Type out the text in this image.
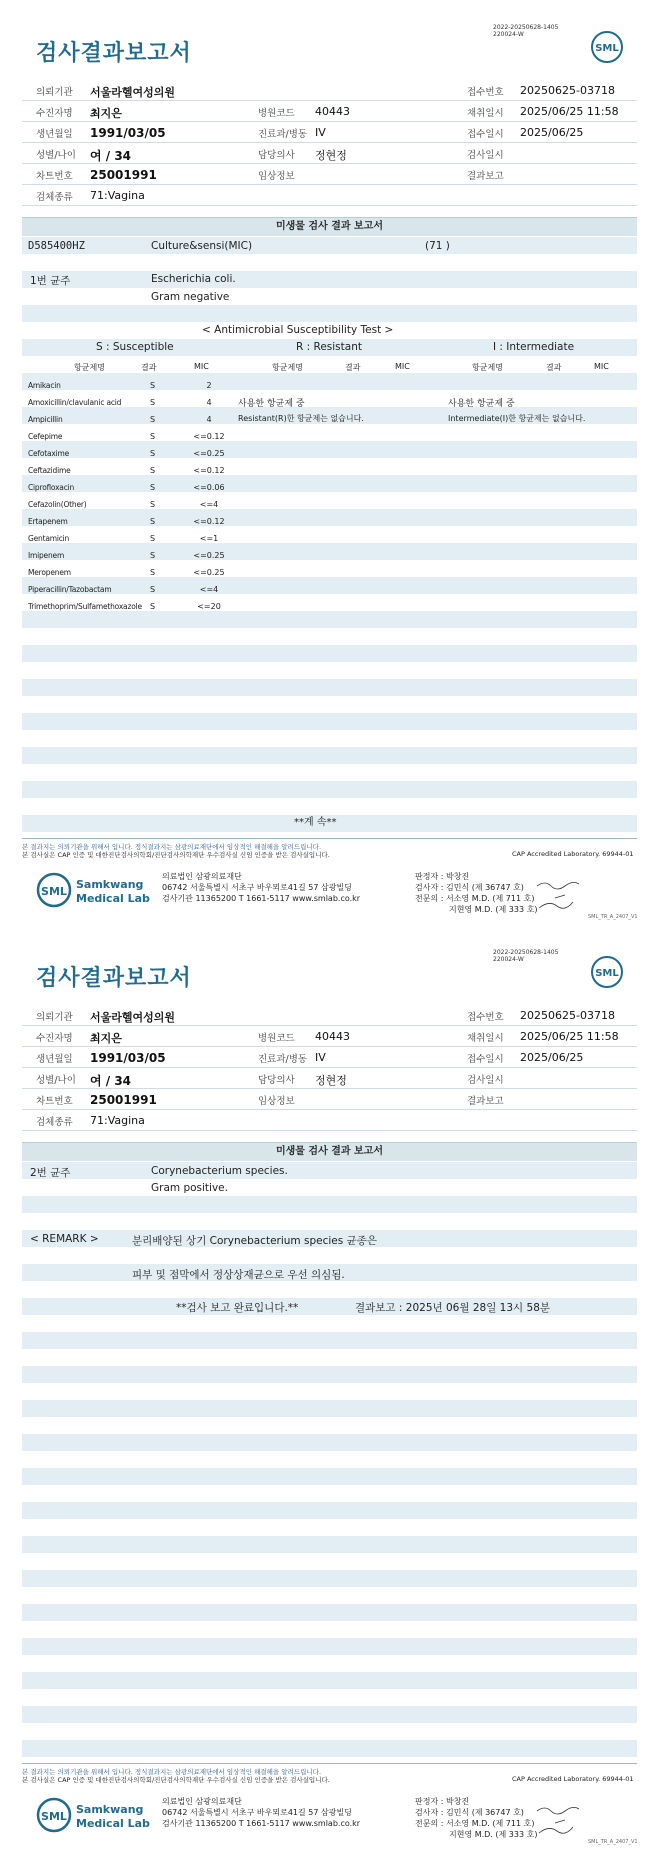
검사결과보고서
2022-20250628-1405
220024-W
SML
의뢰기관 서울라헬여성의원	접수번호 20250625-03718
수진자명 최지은	병원코드 40443	채취일시 2025/06/25 11:58
생년월일 1991/03/05	진료과/병동 IV	접수일시 2025/06/25
성별/나이 여 / 34	담당의사 정현정	검사일시
차트번호 25001991	임상정보	결과보고
검체종류 71:Vagina
미생물 검사 결과 보고서
D585400HZ	Culture&sensi(MIC)	(71 )
1번 균주	Escherichia coli.
Gram negative
< Antimicrobial Susceptibility Test >
S : Susceptible	R : Resistant	I : Intermediate
항균제명	결과	MIC	항균제명	결과	MIC	항균제명	결과	MIC
Amikacin	S	2
Amoxicillin/clavulanic acid	S	4
Ampicillin	S	4
Cefepime	S	<=0.12
Cefotaxime	S	<=0.25
Ceftazidime	S	<=0.12
Ciprofloxacin	S	<=0.06
Cefazolin(Other)	S	<=4
Ertapenem	S	<=0.12
Gentamicin	S	<=1
Imipenem	S	<=0.25
Meropenem	S	<=0.25
Piperacillin/Tazobactam	S	<=4
Trimethoprim/Sulfamethoxazole S	<=20
사용한 항균제 중
Resistant(R)한 항균제는 없습니다.
사용한 항균제 중
Intermediate(I)한 항균제는 없습니다.
**계 속**
본 결과지는 의뢰기관을 위해서 입니다. 정식결과지는 삼광의료재단에서 임상적인 해결해을 알려드립니다.
본 검사실은 CAP 인증 및 대한진단검사의학회/진단검사의학재단 우수검사실 신임 인증을 받은 검사실입니다.	CAP Accredited Laboratory. 69944-01
SML
Samkwang
Medical Lab
의료법인 삼광의료재단
06742 서울특별시 서초구 바우뫼로41길 57 삼광빌딩
검사기관 11365200 T 1661-5117 www.smlab.co.kr
판정자 : 박창진
검사자 : 김민식 (제 36747 호)
전문의 : 서소영 M.D. (제 711 호)
지현영 M.D. (제 333 호)
SML_TR_A_2407_V1
검사결과보고서
2022-20250628-1405
220024-W
SML
의뢰기관 서울라헬여성의원	접수번호 20250625-03718
수진자명 최지은	병원코드 40443	채취일시 2025/06/25 11:58
생년월일 1991/03/05	진료과/병동 IV	접수일시 2025/06/25
성별/나이 여 / 34	담당의사 정현정	검사일시
차트번호 25001991	임상정보	결과보고
검체종류 71:Vagina
미생물 검사 결과 보고서
2번 균주	Corynebacterium species.
Gram positive.
< REMARK >	분리배양된 상기 Corynebacterium species 균종은
피부 및 점막에서 정상상재균으로 우선 의심됨.
**검사 보고 완료입니다.**	결과보고 : 2025년 06월 28일 13시 58분
본 결과지는 의뢰기관을 위해서 입니다. 정식결과지는 삼광의료재단에서 임상적인 해결해을 알려드립니다.
본 검사실은 CAP 인증 및 대한진단검사의학회/진단검사의학재단 우수검사실 신임 인증을 받은 검사실입니다.	CAP Accredited Laboratory. 69944-01
SML
Samkwang
Medical Lab
의료법인 삼광의료재단
06742 서울특별시 서초구 바우뫼로41길 57 삼광빌딩
검사기관 11365200 T 1661-5117 www.smlab.co.kr
판정자 : 박창진
검사자 : 김민식 (제 36747 호)
전문의 : 서소영 M.D. (제 711 호)
지현영 M.D. (제 333 호)
SML_TR_A_2407_V1
